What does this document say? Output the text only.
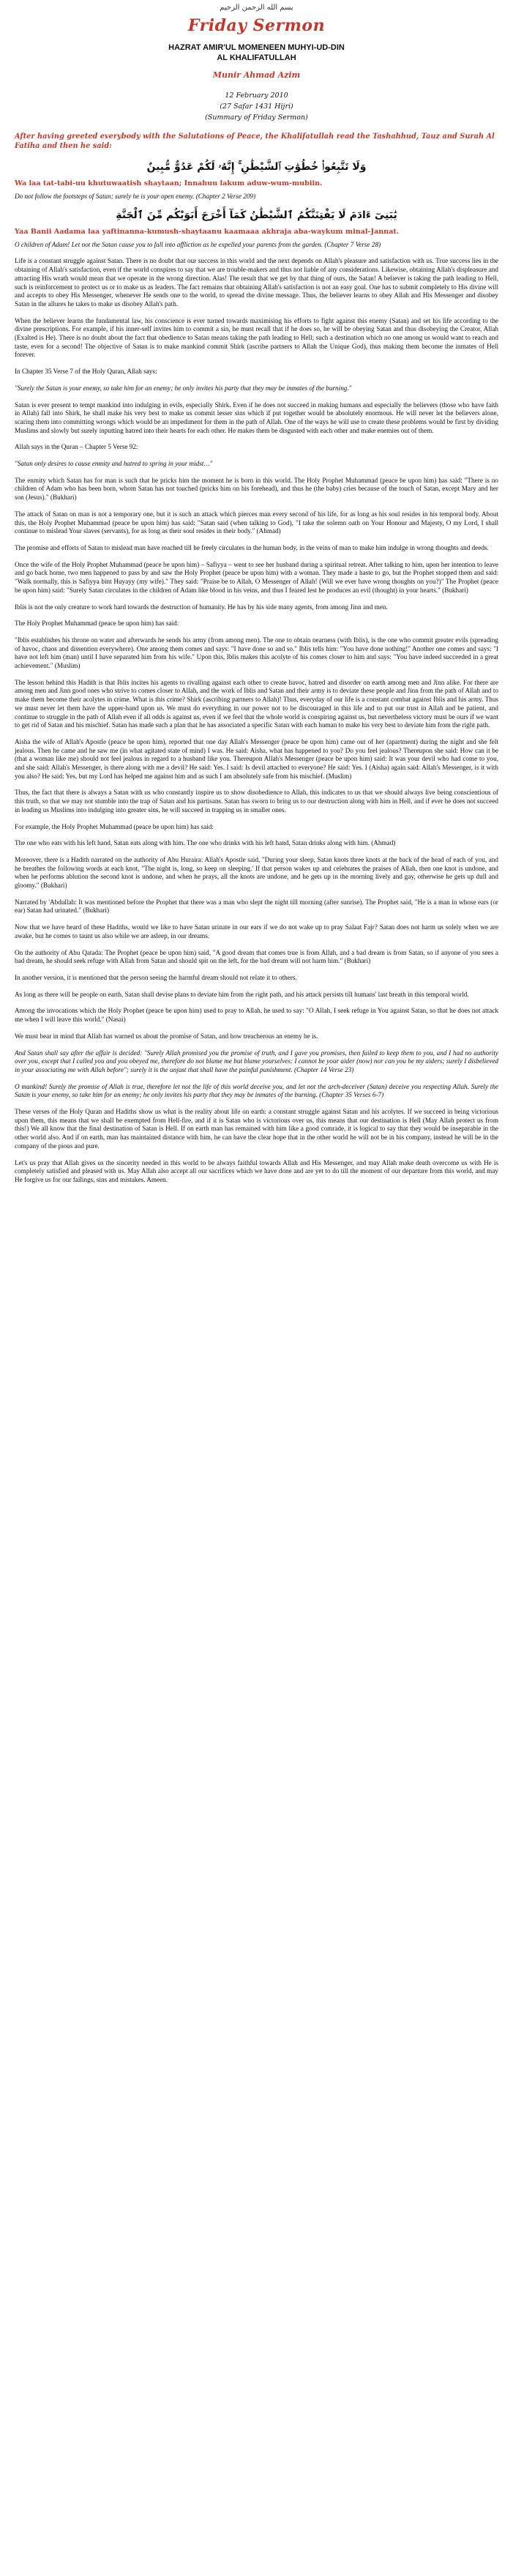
بسم الله الرحمن الرحيم
Friday Sermon
HAZRAT AMIR'UL MOMENEEN MUHYI-UD-DIN
AL KHALIFATULLAH
Munir Ahmad Azim
12 February 2010
(27 Safar 1431 Hijri)
(Summary of Friday Sermon)
After having greeted everybody with the Salutations of Peace, the Khalifatullah read the Tashahhud, Tauz and Surah Al Fatiha and then he said:
وَلَا تَتَّبِعُوا۟ خُطُوَٰتِ ٱلشَّيْطَٰنِ ۚ إِنَّهُۥ لَكُمْ عَدُوٌّ مُّبِينٌ
Wa laa tat-tabi-uu khutuwaatish shaytaan; Innahuu lakum aduw-wum-mubiin.

Do not follow the footsteps of Satan; surely he is your open enemy. (Chapter 2 Verse 209)

يَٰبَنِىٓ ءَادَمَ لَا يَفْتِنَنَّكُمُ ٱلشَّيْطَٰنُ كَمَآ أَخْرَجَ أَبَوَيْكُم مِّنَ ٱلْجَنَّةِ
Yaa Banii Aadama laa yaftinanna-kumush-shaytaanu kaamaaa akhraja aba-waykum minal-Jannat.

O children of Adam! Let not the Satan cause you to fall into affliction as he expelled your parents from the garden. (Chapter 7 Verse 28)

Life is a constant struggle against Satan. There is no doubt that our success in this world and the next depends on Allah's pleasure and satisfaction with us. True success lies in the obtaining of Allah's satisfaction, even if the world conspires to say that we are trouble-makers and thus not liable of any considerations. Likewise, obtaining Allah's displeasure and attracting His wrath would mean that we operate in the wrong direction. Alas! The result that we get by that thing of ours, the Satan! A believer is taking the path leading to Hell, such is reinforcement to protect us or to make us as leaders. The fact remains that obtaining Allah's satisfaction is not an easy goal. One has to submit completely to His divine will and accepts to obey His Messenger, whenever He sends one to the world, to spread the divine message. Thus, the believer learns to obey Allah and His Messenger and disobey Satan in the allures he takes to make us disobey Allah's path.

When the believer learns the fundamental law, his conscience is ever turned towards maximising his efforts to fight against this enemy (Satan) and set his life according to the divine prescriptions. For example, if his inner-self invites him to commit a sin, he must recall that if he does so, he will be obeying Satan and thus disobeying the Creator, Allah (Exalted is He). There is no doubt about the fact that obedience to Satan means taking the path leading to Hell; such a destination which no one among us would want to reach and taste, even for a second! The objective of Satan is to make mankind commit Shirk (ascribe partners to Allah the Unique God), thus making them become the inmates of Hell forever.

In Chapter 35 Verse 7 of the Holy Quran, Allah says:

"Surely the Satan is your enemy, so take him for an enemy; he only invites his party that they may be inmates of the burning."

Satan is ever present to tempt mankind into indulging in evils, especially Shirk. Even if he does not succeed in making humans and especially the believers (those who have faith in Allah) fall into Shirk, he shall make his very best to make us commit lesser sins which if put together would be absolutely enormous. He will never let the believers alone, scaring them into committing wrongs which would be an impediment for them in the path of Allah. One of the ways he will use to create these problems would be first by dividing Muslims and slowly but surely inputting hatred into their hearts for each other. He makes them be disgusted with each other and make enemies out of them.

Allah says in the Quran – Chapter 5 Verse 92:

"Satan only desires to cause enmity and hatred to spring in your midst…"

The enmity which Satan has for man is such that he pricks him the moment he is born in this world. The Holy Prophet Muhammad (peace be upon him) has said: "There is no children of Adam who has been born, whom Satan has not touched (pricks him on his forehead), and thus he (the baby) cries because of the touch of Satan, except Mary and her son (Jesus)." (Bukhari)

The attack of Satan on man is not a temporary one, but it is such an attack which pierces man every second of his life, for as long as his soul resides in his temporal body. About this, the Holy Prophet Muhammad (peace be upon him) has said: "Satan said (when talking to God), "I take the solemn oath on Your Honour and Majesty, O my Lord, I shall continue to mislead Your slaves (servants), for as long as their soul resides in their body." (Ahmad)

The promise and efforts of Satan to mislead man have reached till he freely circulates in the human body, in the veins of man to make him indulge in wrong thoughts and deeds.

Once the wife of the Holy Prophet Muhammad (peace be upon him) – Safiyya – went to see her husband during a spiritual retreat. After talking to him, upon her intention to leave and go back home, two men happened to pass by and saw the Holy Prophet (peace be upon him) with a woman. They made a haste to go, but the Prophet stopped them and said: "Walk normally, this is Safiyya bint Huyayy (my wife)." They said: "Praise be to Allah, O Messenger of Allah! (Will we ever have wrong thoughts on you?)" The Prophet (peace be upon him) said: "Surely Satan circulates in the children of Adam like blood in his veins, and thus I feared lest he produces an evil (thought) in your hearts." (Bukhari)

Iblis is not the only creature to work hard towards the destruction of humanity. He has by his side many agents, from among Jinn and men.

The Holy Prophet Muhammad (peace be upon him) has said:

"Iblis establishes his throne on water and afterwards he sends his army (from among men). The one to obtain nearness (with Iblis), is the one who commit greater evils (spreading of havoc, chaos and dissention everywhere). One among them comes and says: "I have done so and so." Iblis tells him: "You have done nothing!" Another one comes and says: "I have not left him (man) until I have separated him from his wife." Upon this, Iblis makes this acolyte of his comes closer to him and says: "You have indeed succeeded in a great achievement." (Muslim)

The lesson behind this Hadith is that Iblis incites his agents to rivalling against each other to create havoc, hatred and disorder on earth among men and Jinn alike. For there are among men and Jinn good ones who strive to comes closer to Allah, and the work of Iblis and Satan and their army is to deviate these people and Jinn from the path of Allah and to make them become their acolytes in crime. What is this crime? Shirk (ascribing partners to Allah)! Thus, everyday of our life is a constant combat against Iblis and his army. Thus we must never let them have the upper-hand upon us. We must do everything in our power not to be discouraged in this life and to put our trust in Allah and be patient, and continue to struggle in the path of Allah even if all odds is against us, even if we feel that the whole world is conspiring against us, but nevertheless victory must be ours if we want to get rid of Satan and his mischief. Satan has made such a plan that he has associated a specific Satan with each human to make his very best to deviate him from the right path.

Aisha the wife of Allah's Apostle (peace be upon him), reported that one day Allah's Messenger (peace be upon him) came out of her (apartment) during the night and she felt jealous. Then he came and he saw me (in what agitated state of mind) I was. He said: Aisha, what has happened to you? Do you feel jealous? Thereupon she said: How can it be (that a woman like me) should not feel jealous in regard to a husband like you. Thereupon Allah's Messenger (peace be upon him) said: It was your devil who had come to you, and she said: Allah's Messenger, is there along with me a devil? He said: Yes. I said: Is devil attached to everyone? He said: Yes. I (Aisha) again said: Allah's Messenger, is it with you also? He said: Yes, but my Lord has helped me against him and as such I am absolutely safe from his mischief. (Muslim)

Thus, the fact that there is always a Satan with us who constantly inspire us to show disobedience to Allah, this indicates to us that we should always live being conscientious of this truth, so that we may not stumble into the trap of Satan and his partisans. Satan has sworn to bring us to our destruction along with him in Hell, and if ever he does not succeed in leading us Muslims into indulging into greater sins, he will succeed in trapping us in smaller ones.

For example, the Holy Prophet Muhammad (peace be upon him) has said:

The one who eats with his left hand, Satan eats along with him. The one who drinks with his left hand, Satan drinks along with him. (Ahmad)

Moreover, there is a Hadith narrated on the authority of Abu Huraira: Allah's Apostle said, "During your sleep, Satan knots three knots at the back of the head of each of you, and he breathes the following words at each knot, "The night is, long, so keep on sleeping.' If that person wakes up and celebrates the praises of Allah, then one knot is undone, and when he performs ablution the second knot is undone, and when he prays, all the knots are undone, and he gets up in the morning lively and gay, otherwise he gets up dull and gloomy." (Bukhari)

Narrated by 'Abdullah: It was mentioned before the Prophet that there was a man who slept the night till morning (after sunrise). The Prophet said, "He is a man in whose ears (or ear) Satan had urinated." (Bukhari)

Now that we have heard of these Hadiths, would we like to have Satan urinate in our ears if we do not wake up to pray Salaat Fajr? Satan does not harm us solely when we are awake, but he comes to taunt us also while we are asleep, in our dreams.

On the authority of Abu Qatada: The Prophet (peace be upon him) said, "A good dream that comes true is from Allah, and a bad dream is from Satan, so if anyone of you sees a bad dream, he should seek refuge with Allah from Satan and should spit on the left, for the bad dream will not harm him." (Bukhari)

In another version, it is mentioned that the person seeing the harmful dream should not relate it to others.

As long as there will be people on earth, Satan shall devise plans to deviate him from the right path, and his attack persists till humans' last breath in this temporal world.

Among the invocations which the Holy Prophet (peace be upon him) used to pray to Allah, he used to say: "O Allah, I seek refuge in You against Satan, so that he does not attack me when I will leave this world." (Nasai)

We must bear in mind that Allah has warned us about the promise of Satan, and how treacherous an enemy he is.

And Satan shall say after the affair is decided: "Surely Allah promised you the promise of truth, and I gave you promises, then failed to keep them to you, and I had no authority over you, except that I called you and you obeyed me, therefore do not blame me but blame yourselves: I cannot be your aider (now) nor can you be my aiders; surely I disbelieved in your associating me with Allah before"; surely it is the unjust that shall have the painful punishment. (Chapter 14 Verse 23)

O mankind! Surely the promise of Allah is true, therefore let not the life of this world deceive you, and let not the arch-deceiver (Satan) deceive you respecting Allah. Surely the Satan is your enemy, so take him for an enemy; he only invites his party that they may be inmates of the burning. (Chapter 35 Verses 6-7)

These verses of the Holy Quran and Hadiths show us what is the reality about life on earth: a constant struggle against Satan and his acolytes. If we succeed in being victorious upon them, this means that we shall be exempted from Hell-fire, and if it is Satan who is victorious over us, this means that our destination is Hell (May Allah protect us from this!) We all know that the final destination of Satan is Hell. If on earth man has remained with him like a good comrade, it is logical to say that they would be inseparable in the other world also. And if on earth, man has maintained distance with him, he can have the clear hope that in the other world he will not be in his company, instead he will be in the company of the pious and pure.

Let's us pray that Allah gives us the sincerity needed in this world to be always faithful towards Allah and His Messenger, and may Allah make death overcome us with He is completely satisfied and pleased with us. May Allah also accept all our sacrifices which we have done and are yet to do till the moment of our departure from this world, and may He forgive us for our failings, sins and mistakes. Ameen.
